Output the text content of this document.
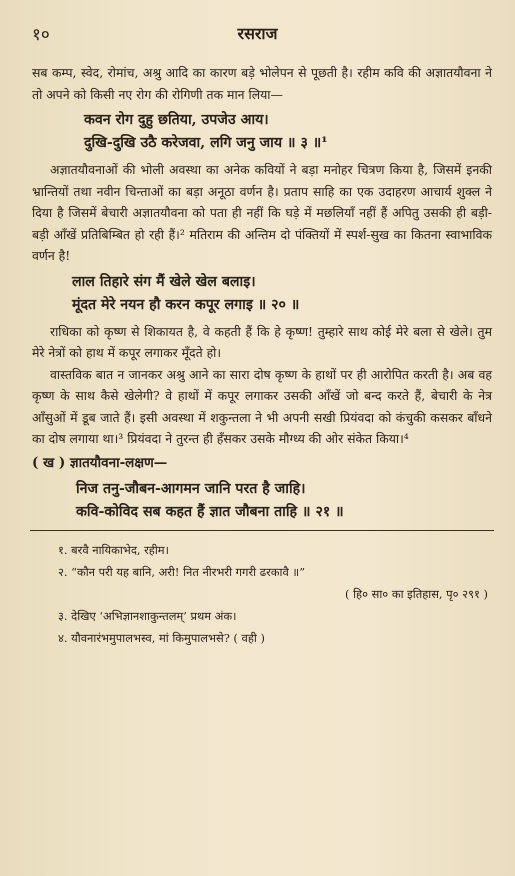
१०	रसराज

सब कम्प, स्वेद, रोमांच, अश्रु आदि का कारण बड़े भोलेपन से पूछती है। रहीम कवि की अज्ञातयौवना ने तो अपने को किसी नए रोग की रोगिणी तक मान लिया—

कवन रोग दुहु छतिया, उपजेउ आय।
दुखि-दुखि उठै करेजवा, लगि जनु जाय ॥ ३ ॥¹

अज्ञातयौवनाओं की भोली अवस्था का अनेक कवियों ने बड़ा मनोहर चित्रण किया है, जिसमें इनकी भ्रान्तियों तथा नवीन चिन्ताओं का बड़ा अनूठा वर्णन है। प्रताप साहि का एक उदाहरण आचार्य शुक्ल ने दिया है जिसमें बेचारी अज्ञातयौवना को पता ही नहीं कि घड़े में मछलियाँ नहीं हैं अपितु उसकी ही बड़ी-बड़ी आँखें प्रतिबिम्बित हो रही हैं।² मतिराम की अन्तिम दो पंक्तियों में स्पर्श-सुख का कितना स्वाभाविक वर्णन है!

लाल तिहारे संग मैं खेले खेल बलाइ।
मूंदत मेरे नयन हौ करन कपूर लगाइ ॥ २० ॥

राधिका को कृष्ण से शिकायत है, वे कहती हैं कि हे कृष्ण! तुम्हारे साथ कोई मेरे बला से खेले। तुम मेरे नेत्रों को हाथ में कपूर लगाकर मूँदते हो।

वास्तविक बात न जानकर अश्रु आने का सारा दोष कृष्ण के हाथों पर ही आरोपित करती है। अब वह कृष्ण के साथ कैसे खेलेगी? वे हाथों में कपूर लगाकर उसकी आँखें जो बन्द करते हैं, बेचारी के नेत्र आँसुओं में डूब जाते हैं। इसी अवस्था में शकुन्तला ने भी अपनी सखी प्रियंवदा को कंचुकी कसकर बाँधने का दोष लगाया था।³ प्रियंवदा ने तुरन्त ही हँसकर उसके मौग्ध्य की ओर संकेत किया।⁴

( ख ) ज्ञातयौवना-लक्षण—
निज तनु-जौबन-आगमन जानि परत है जाहि।
कवि-कोविद सब कहत हैं ज्ञात जौबना ताहि ॥ २१ ॥
१. बरवै नायिकाभेद, रहीम।
२. “कौन परी यह बानि, अरी! नित नीरभरी गगरी ढरकावै ॥”
( हि० सा० का इतिहास, पृ० २९१ )
३. देखिए ‘अभिज्ञानशाकुन्तलम्’ प्रथम अंक।
४. यौवनारंभमुपालभस्व, मां किमुपालभसे? ( वही )
